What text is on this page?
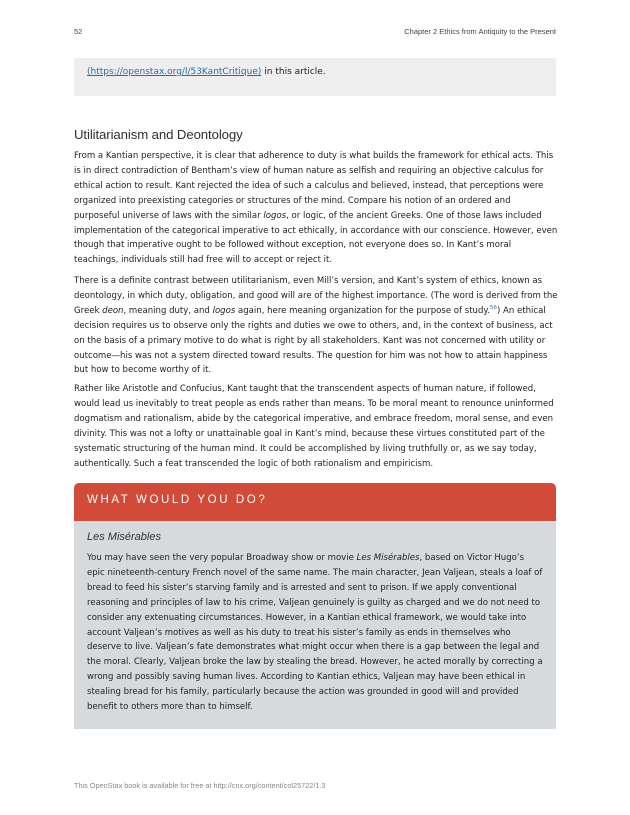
52	Chapter 2 Ethics from Antiquity to the Present
(https://openstax.org/l/53KantCritique) in this article.
Utilitarianism and Deontology

From a Kantian perspective, it is clear that adherence to duty is what builds the framework for ethical acts. This is in direct contradiction of Bentham’s view of human nature as selfish and requiring an objective calculus for ethical action to result. Kant rejected the idea of such a calculus and believed, instead, that perceptions were organized into preexisting categories or structures of the mind. Compare his notion of an ordered and purposeful universe of laws with the similar logos, or logic, of the ancient Greeks. One of those laws included implementation of the categorical imperative to act ethically, in accordance with our conscience. However, even though that imperative ought to be followed without exception, not everyone does so. In Kant’s moral teachings, individuals still had free will to accept or reject it.

There is a definite contrast between utilitarianism, even Mill’s version, and Kant’s system of ethics, known as deontology, in which duty, obligation, and good will are of the highest importance. (The word is derived from the Greek deon, meaning duty, and logos again, here meaning organization for the purpose of study.$^{56}$) An ethical decision requires us to observe only the rights and duties we owe to others, and, in the context of business, act on the basis of a primary motive to do what is right by all stakeholders. Kant was not concerned with utility or outcome—his was not a system directed toward results. The question for him was not how to attain happiness but how to become worthy of it.

Rather like Aristotle and Confucius, Kant taught that the transcendent aspects of human nature, if followed, would lead us inevitably to treat people as ends rather than means. To be moral meant to renounce uninformed dogmatism and rationalism, abide by the categorical imperative, and embrace freedom, moral sense, and even divinity. This was not a lofty or unattainable goal in Kant’s mind, because these virtues constituted part of the systematic structuring of the human mind. It could be accomplished by living truthfully or, as we say today, authentically. Such a feat transcended the logic of both rationalism and empiricism.

WHAT WOULD YOU DO?
Les Misérables

You may have seen the very popular Broadway show or movie Les Misérables, based on Victor Hugo’s epic nineteenth-century French novel of the same name. The main character, Jean Valjean, steals a loaf of bread to feed his sister’s starving family and is arrested and sent to prison. If we apply conventional reasoning and principles of law to his crime, Valjean genuinely is guilty as charged and we do not need to consider any extenuating circumstances. However, in a Kantian ethical framework, we would take into account Valjean’s motives as well as his duty to treat his sister’s family as ends in themselves who deserve to live. Valjean’s fate demonstrates what might occur when there is a gap between the legal and the moral. Clearly, Valjean broke the law by stealing the bread. However, he acted morally by correcting a wrong and possibly saving human lives. According to Kantian ethics, Valjean may have been ethical in stealing bread for his family, particularly because the action was grounded in good will and provided benefit to others more than to himself.

This OpenStax book is available for free at http://cnx.org/content/col25722/1.3
